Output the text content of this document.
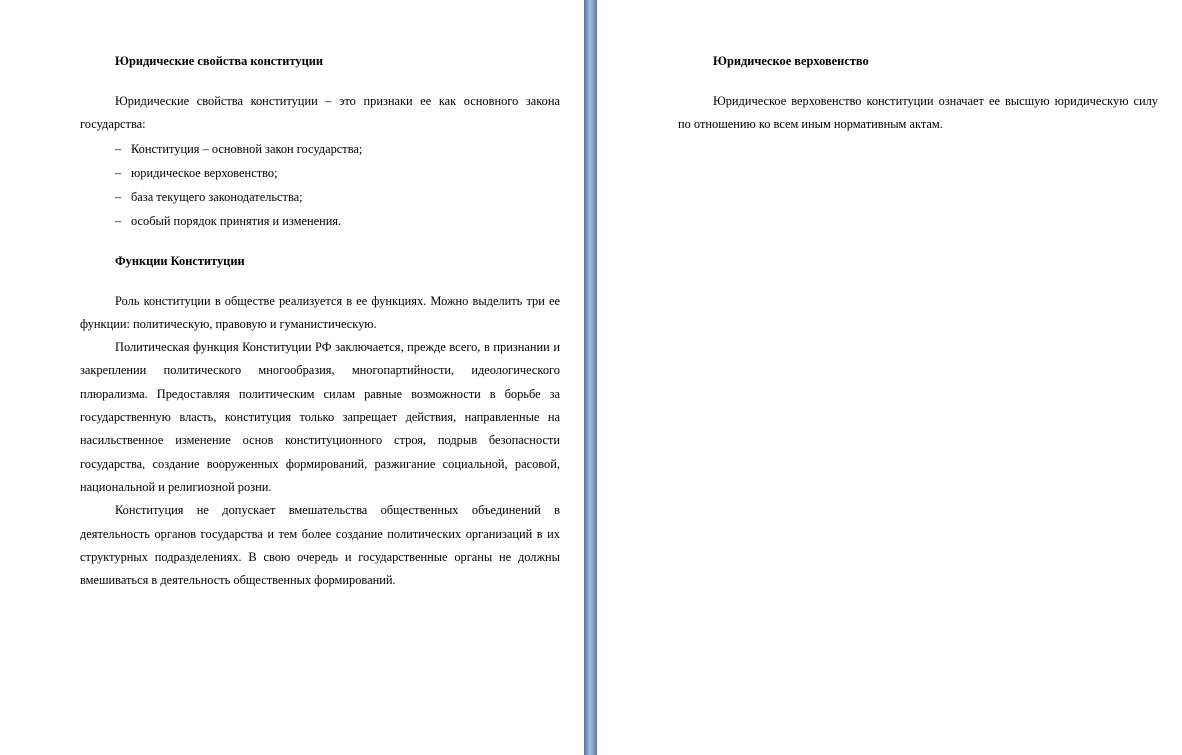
Юридические свойства конституции

Юридические свойства конституции – это признаки ее как основного закона государства:

– Конституция – основной закон государства;
– юридическое верховенство;
– база текущего законодательства;
– особый порядок принятия и изменения.
Функции Конституции

Роль конституции в обществе реализуется в ее функциях. Можно выделить три ее функции: политическую, правовую и гуманистическую.

Политическая функция Конституции РФ заключается, прежде всего, в признании и закреплении политического многообразия, многопартийности, идеологического плюрализма. Предоставляя политическим силам равные возможности в борьбе за государственную власть, конституция только запрещает действия, направленные на насильственное изменение основ конституционного строя, подрыв безопасности государства, создание вооруженных формирований, разжигание социальной, расовой, национальной и религиозной розни.

Конституция не допускает вмешательства общественных объединений в деятельность органов государства и тем более создание политических организаций в их структурных подразделениях. В свою очередь и государственные органы не должны вмешиваться в деятельность общественных формирований.

Юридическое верховенство

Юридическое верховенство конституции означает ее высшую юридическую силу по отношению ко всем иным нормативным актам.
